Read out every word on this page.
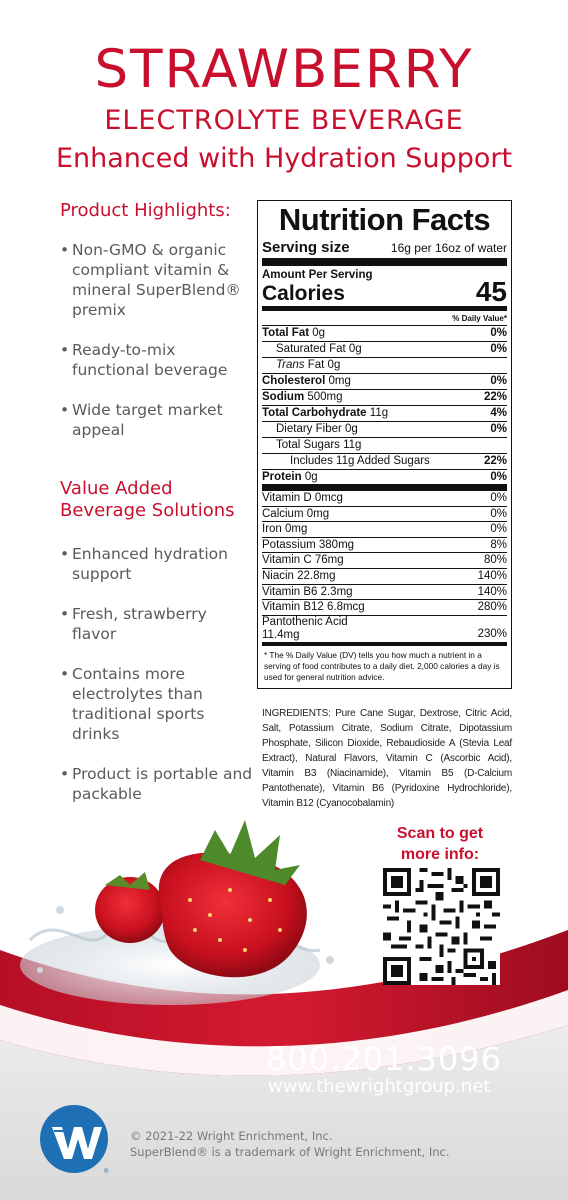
STRAWBERRY
ELECTROLYTE BEVERAGE
Enhanced with Hydration Support
Product Highlights:
• Non-GMO & organic compliant vitamin & mineral SuperBlend® premix
• Ready-to-mix functional beverage
• Wide target market appeal
Value Added
Beverage Solutions
• Enhanced hydration support
• Fresh, strawberry flavor
• Contains more electrolytes than traditional sports drinks
• Product is portable and packable
Nutrition Facts
Serving size	16g per 16oz of water
Amount Per Serving
Calories	45
% Daily Value*
Total Fat 0g	0%
Saturated Fat 0g	0%
Trans Fat 0g
Cholesterol 0mg	0%
Sodium 500mg	22%
Total Carbohydrate 11g	4%
Dietary Fiber 0g	0%
Total Sugars 11g
Includes 11g Added Sugars	22%
Protein 0g	0%
Vitamin D 0mcg	0%
Calcium 0mg	0%
Iron 0mg	0%
Potassium 380mg	8%
Vitamin C 76mg	80%
Niacin 22.8mg	140%
Vitamin B6 2.3mg	140%
Vitamin B12 6.8mcg	280%
Pantothenic Acid
11.4mg	230%
* The % Daily Value (DV) tells you how much a nutrient in a serving of food contributes to a daily diet. 2,000 calories a day is used for general nutrition advice.
INGREDIENTS: Pure Cane Sugar, Dextrose, Citric Acid, Salt, Potassium Citrate, Sodium Citrate, Dipotassium Phosphate, Silicon Dioxide, Rebaudioside A (Stevia Leaf Extract), Natural Flavors, Vitamin C (Ascorbic Acid), Vitamin B3 (Niacinamide), Vitamin B5 (D-Calcium Pantothenate), Vitamin B6 (Pyridoxine Hydrochloride), Vitamin B12 (Cyanocobalamin)
Scan to get
more info:
800.201.3096
www.thewrightgroup.net
®
© 2021-22 Wright Enrichment, Inc.
SuperBlend® is a trademark of Wright Enrichment, Inc.
